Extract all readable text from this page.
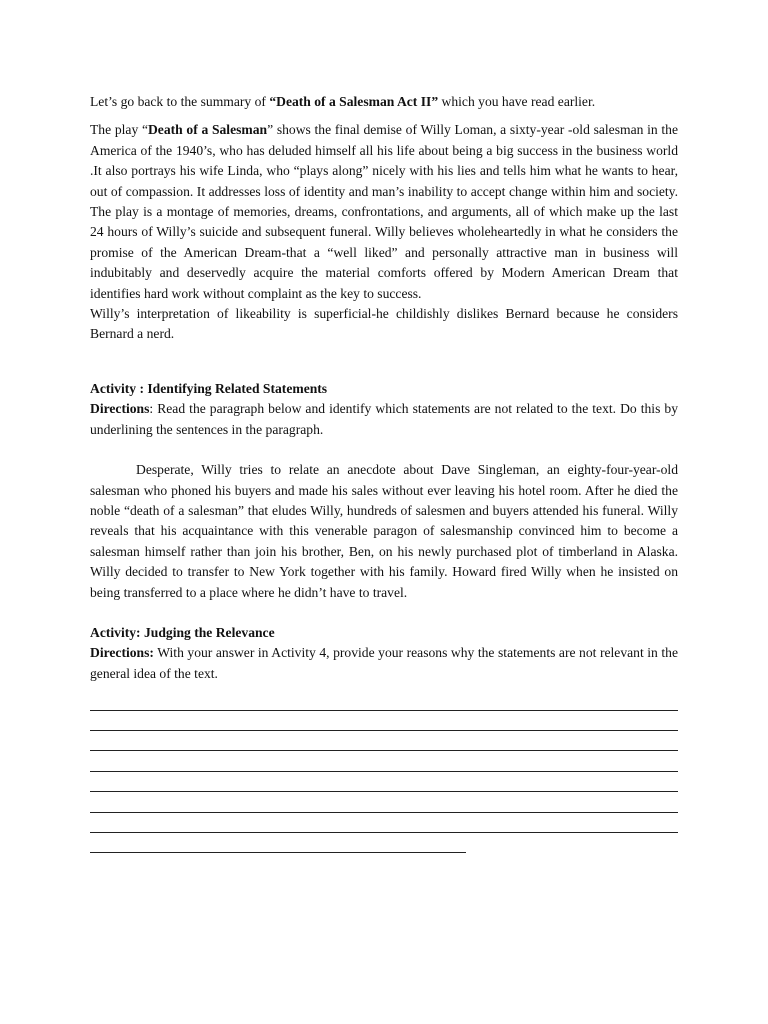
Let’s go back to the summary of “Death of a Salesman Act II” which you have read earlier.

The play “Death of a Salesman” shows the final demise of Willy Loman, a sixty-year -old salesman in the America of the 1940’s, who has deluded himself all his life about being a big success in the business world .It also portrays his wife Linda, who “plays along” nicely with his lies and tells him what he wants to hear, out of compassion. It addresses loss of identity and man’s inability to accept change within him and society. The play is a montage of memories, dreams, confrontations, and arguments, all of which make up the last 24 hours of Willy’s suicide and subsequent funeral. Willy believes wholeheartedly in what he considers the promise of the American Dream-that a “well liked” and personally attractive man in business will indubitably and deservedly acquire the material comforts offered by Modern American Dream that identifies hard work without complaint as the key to success.

Willy’s interpretation of likeability is superficial-he childishly dislikes Bernard because he considers Bernard a nerd.

Activity : Identifying Related Statements

Directions: Read the paragraph below and identify which statements are not related to the text. Do this by underlining the sentences in the paragraph.

Desperate, Willy tries to relate an anecdote about Dave Singleman, an eighty-four-year-old salesman who phoned his buyers and made his sales without ever leaving his hotel room. After he died the noble “death of a salesman” that eludes Willy, hundreds of salesmen and buyers attended his funeral. Willy reveals that his acquaintance with this venerable paragon of salesmanship convinced him to become a salesman himself rather than join his brother, Ben, on his newly purchased plot of timberland in Alaska. Willy decided to transfer to New York together with his family. Howard fired Willy when he insisted on being transferred to a place where he didn’t have to travel.

Activity: Judging the Relevance

Directions: With your answer in Activity 4, provide your reasons why the statements are not relevant in the general idea of the text.
